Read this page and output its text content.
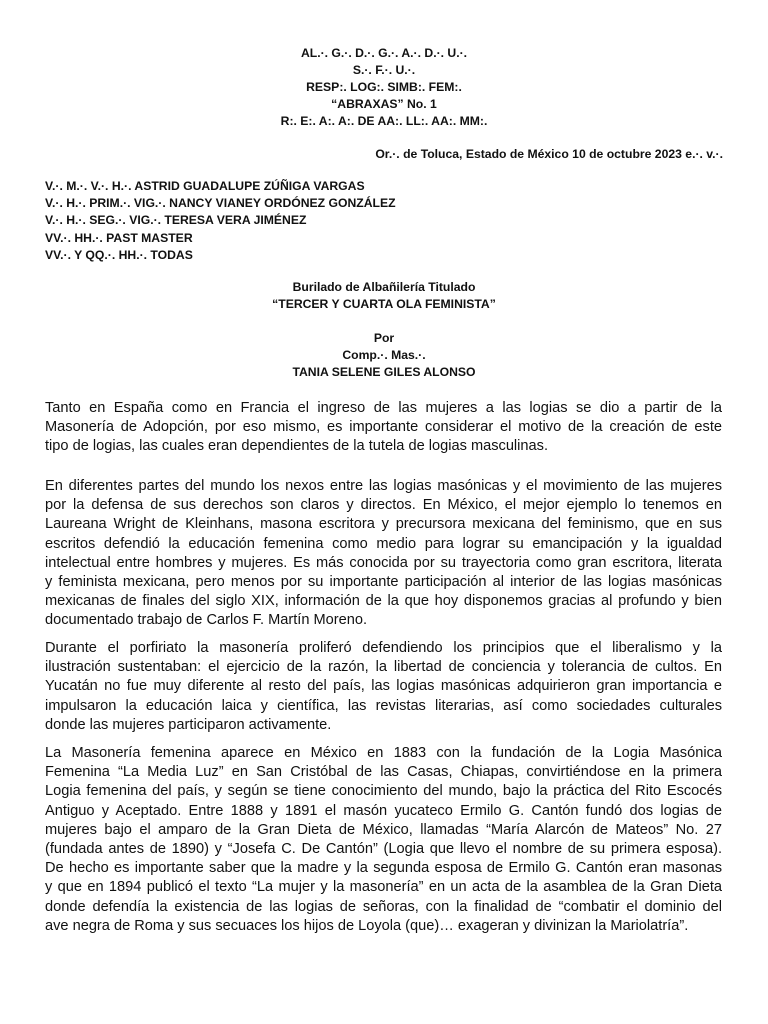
AL.·. G.·. D.·. G.·. A.·. D.·. U.·.
S.·. F.·. U.·.
RESP:. LOG:. SIMB:. FEM:.
“ABRAXAS” No. 1
R:. E:. A:. A:. DE AA:. LL:. AA:. MM:.
Or.·. de Toluca, Estado de México 10 de octubre 2023 e.·. v.·.
V.·. M.·. V.·. H.·. ASTRID GUADALUPE ZÚÑIGA VARGAS
V.·. H.·. PRIM.·. VIG.·. NANCY VIANEY ORDÓNEZ GONZÁLEZ
V.·. H.·. SEG.·. VIG.·. TERESA VERA JIMÉNEZ
VV.·. HH.·. PAST MASTER
VV.·. Y QQ.·. HH.·. TODAS
Burilado de Albañilería Titulado
“TERCER Y CUARTA OLA FEMINISTA”
Por
Comp.·. Mas.·.
TANIA SELENE GILES ALONSO
Tanto en España como en Francia el ingreso de las mujeres a las logias se dio a partir de la
Masonería de Adopción, por eso mismo, es importante considerar el motivo de la creación de este
tipo de logias, las cuales eran dependientes de la tutela de logias masculinas.
En diferentes partes del mundo los nexos entre las logias masónicas y el movimiento de las mujeres
por la defensa de sus derechos son claros y directos. En México, el mejor ejemplo lo tenemos en
Laureana Wright de Kleinhans, masona escritora y precursora mexicana del feminismo, que en sus
escritos defendió la educación femenina como medio para lograr su emancipación y la igualdad
intelectual entre hombres y mujeres. Es más conocida por su trayectoria como gran escritora, literata
y feminista mexicana, pero menos por su importante participación al interior de las logias masónicas
mexicanas de finales del siglo XIX, información de la que hoy disponemos gracias al profundo y bien
documentado trabajo de Carlos F. Martín Moreno.
Durante el porfiriato la masonería proliferó defendiendo los principios que el liberalismo y la
ilustración sustentaban: el ejercicio de la razón, la libertad de conciencia y tolerancia de cultos. En
Yucatán no fue muy diferente al resto del país, las logias masónicas adquirieron gran importancia e
impulsaron la educación laica y científica, las revistas literarias, así como sociedades culturales
donde las mujeres participaron activamente.
La Masonería femenina aparece en México en 1883 con la fundación de la Logia Masónica
Femenina “La Media Luz” en San Cristóbal de las Casas, Chiapas, convirtiéndose en la primera
Logia femenina del país, y según se tiene conocimiento del mundo, bajo la práctica del Rito Escocés
Antiguo y Aceptado. Entre 1888 y 1891 el masón yucateco Ermilo G. Cantón fundó dos logias de
mujeres bajo el amparo de la Gran Dieta de México, llamadas “María Alarcón de Mateos” No. 27
(fundada antes de 1890) y “Josefa C. De Cantón” (Logia que llevo el nombre de su primera esposa).
De hecho es importante saber que la madre y la segunda esposa de Ermilo G. Cantón eran masonas
y que en 1894 publicó el texto “La mujer y la masonería” en un acta de la asamblea de la Gran Dieta
donde defendía la existencia de las logias de señoras, con la finalidad de “combatir el dominio del
ave negra de Roma y sus secuaces los hijos de Loyola (que)… exageran y divinizan la Mariolatría”.
